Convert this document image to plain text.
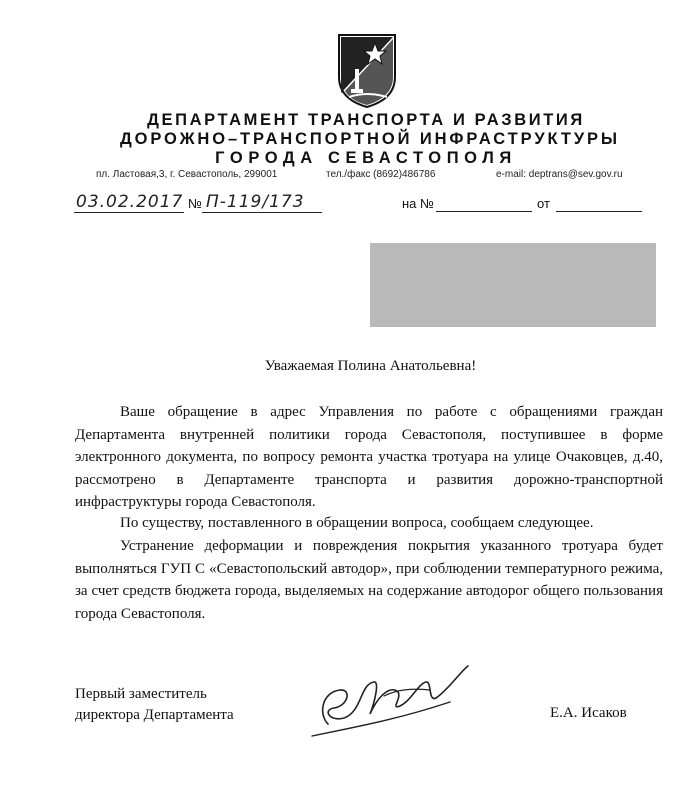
ДЕПАРТАМЕНТ ТРАНСПОРТА И РАЗВИТИЯ
ДОРОЖНО–ТРАНСПОРТНОЙ ИНФРАСТРУКТУРЫ
ГОРОДА СЕВАСТОПОЛЯ
пл. Ластовая,3, г. Севастополь, 299001	тел./факс (8692)486786	e-mail: deptrans@sev.gov.ru
03.02.2017 № П-119/173	на №	от
Уважаемая Полина Анатольевна!

Ваше обращение в адрес Управления по работе с обращениями граждан Департамента внутренней политики города Севастополя, поступившее в форме электронного документа, по вопросу ремонта участка тротуара на улице Очаковцев, д.40, рассмотрено в Департаменте транспорта и развития дорожно-транспортной инфраструктуры города Севастополя.

По существу, поставленного в обращении вопроса, сообщаем следующее.

Устранение деформации и повреждения покрытия указанного тротуара будет выполняться ГУП С «Севастопольский автодор», при соблюдении температурного режима, за счет средств бюджета города, выделяемых на содержание автодорог общего пользования города Севастополя.

Первый заместитель
директора Департамента	Е.А. Исаков
